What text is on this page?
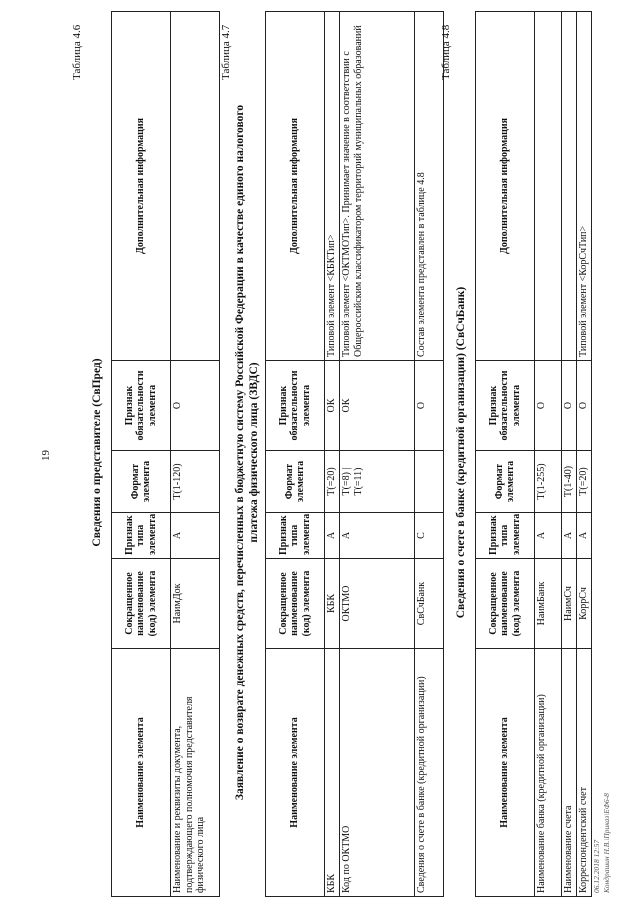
19
Таблица 4.6
Сведения о представителе (СвПред)
Наименование элемента	Сокращенное наименование (код) элемента	Признак типа элемента	Формат элемента	Признак обязательности элемента	Дополнительная информация
Наименование и реквизиты документа, подтверждающего полномочия представителя физического лица	НаимДок	А	T(1-120)	О	
Таблица 4.7
Заявление о возврате денежных средств, перечисленных в бюджетную систему Российской Федерации в качестве единого налогового платежа физического лица (ЗВДС)
Наименование элемента	Сокращенное наименование (код) элемента	Признак типа элемента	Формат элемента	Признак обязательности элемента	Дополнительная информация
КБК	КБК	А	T(=20)	ОК	Типовой элемент <КБКТип>
Код по ОКТМО	ОКТМО	А	T(=8) | T(=11)	ОК	Типовой элемент <ОКТМОТип>. Принимает значение в соответствии с Общероссийским классификатором территорий муниципальных образований
Сведения о счете в банке (кредитной организации)	СвСчБанк	С		О	Состав элемента представлен в таблице 4.8
Таблица 4.8
Сведения о счете в банке (кредитной организации) (СвСчБанк)
Наименование элемента	Сокращенное наименование (код) элемента	Признак типа элемента	Формат элемента	Признак обязательности элемента	Дополнительная информация
Наименование банка (кредитной организации)	НаимБанк	А	T(1-255)	О	
Наименование счета	НаимСч	А	T(1-40)	О	
Корреспондентский счет	КоррСч	А	T(=20)	О	Типовой элемент <КорСчТип>
06.12.2018 12:57 Кондрашин Н.В.\Приказ\ЕФ6-8
